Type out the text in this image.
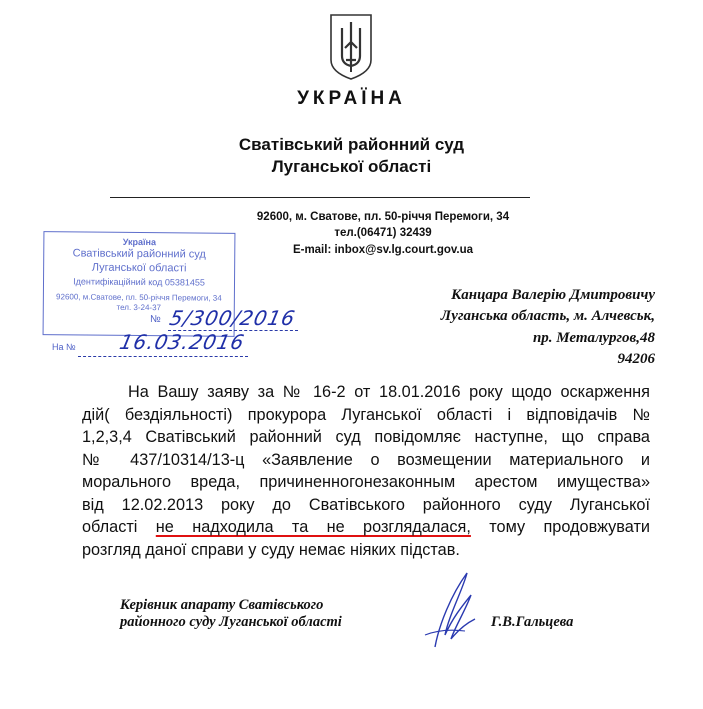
УКРАЇНА
Сватівський районний суд
Луганської області
92600, м. Сватове, пл. 50-річчя Перемоги, 34
тел.(06471) 32439
E-mail: inbox@sv.lg.court.gov.ua
Україна
Сватівський районний суд
Луганської області
Ідентифікаційний код 05381455
92600, м.Сватове, пл. 50-річчя Перемоги, 34
тел. 3-24-37
№
На №
5/300/2016
16.03.2016
Канцара Валерію Дмитровичу
Луганська область, м. Алчевськ,
пр. Металургов,48
94206
На Вашу заяву за № 16-2 от 18.01.2016 року щодо оскарження
дій( бездіяльності) прокурора Луганської області і відповідачів №
1,2,3,4 Сватівський районний суд повідомляє наступне, що справа
№ 437/10314/13-ц «Заявление о возмещении материального и
морального вреда, причиненногонезаконным арестом имущества»
від 12.02.2013 року до Сватівського районного суду Луганської
області не надходила та не розглядалася, тому продовжувати
розгляд даної справи у суду немає ніяких підстав.
Керівник апарату Сватівського
районного суду Луганської області	Г.В.Гальцева
